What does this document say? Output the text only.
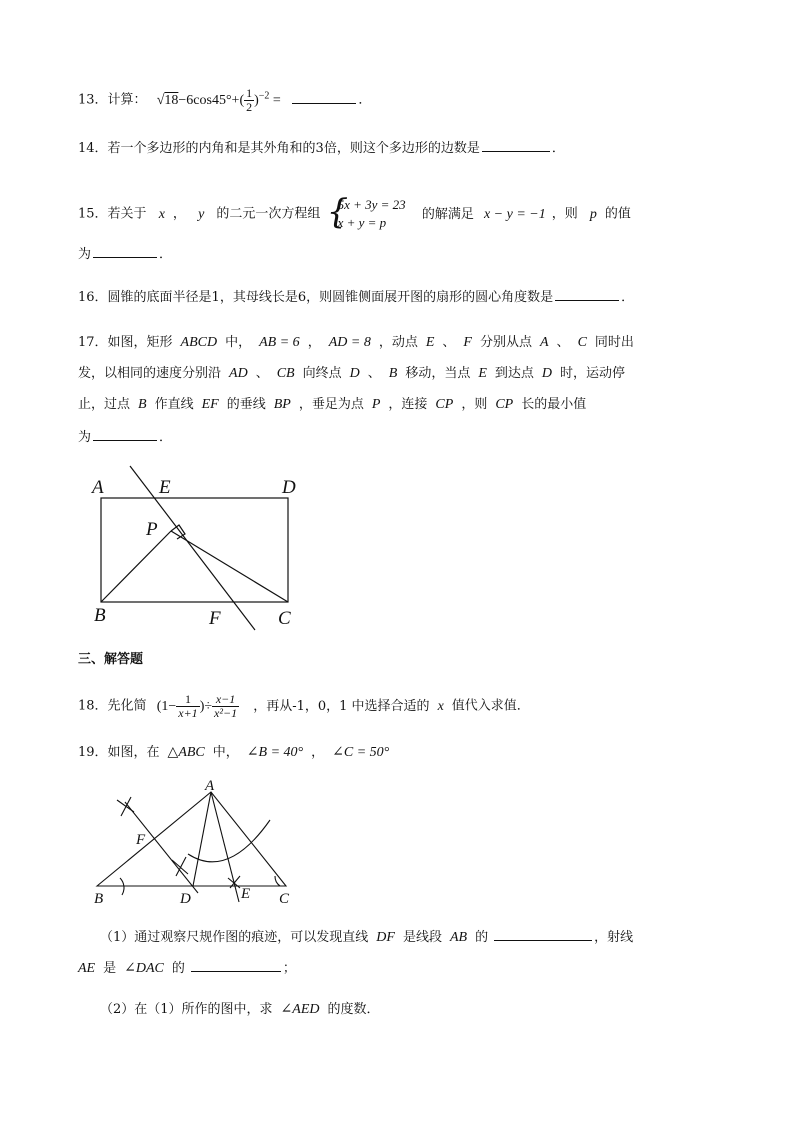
13．计算： $√18-6\cos 45^\circ+( \frac{1}{2} )^{-2}$ =	．
14．若一个多边形的内角和是其外角和的3倍，则这个多边形的边数是	．
15．若关于 x ， y 的二元一次方程组
{ 5x + 3y = 23
x + y = p
的解满足 x − y = −1 ，则 p 的值
为	．
16．圆锥的底面半径是1，其母线长是6，则圆锥侧面展开图的扇形的圆心角度数是	．
17．如图，矩形 ABCD 中， AB = 6 ， AD = 8 ，动点 E 、 F 分别从点 A 、 C 同时出
发，以相同的速度分别沿 AD 、 CB 向终点 D 、 B 移动，当点 E 到达点 D 时，运动停
止，过点 B 作直线 EF 的垂线 BP ，垂足为点 P ，连接 CP ，则 CP 长的最小值
为	．
A	E	D
P
B	F	C
三、解答题
18．先化简 ($1- \frac{1}{x+1}$ )÷ $\frac{x-1}{\text{x²−1}}$ ，再从-1，0，1 中选择合适的 x 值代入求值．
19．如图，在 △ABC 中， ∠B = 40° ， ∠C = 50°
A
F
B	D	E C
（1）通过观察尺规作图的痕迹，可以发现直线 DF 是线段 AB 的	，射线
AE 是 ∠DAC 的	；
（2）在（1）所作的图中，求 ∠AED 的度数．
